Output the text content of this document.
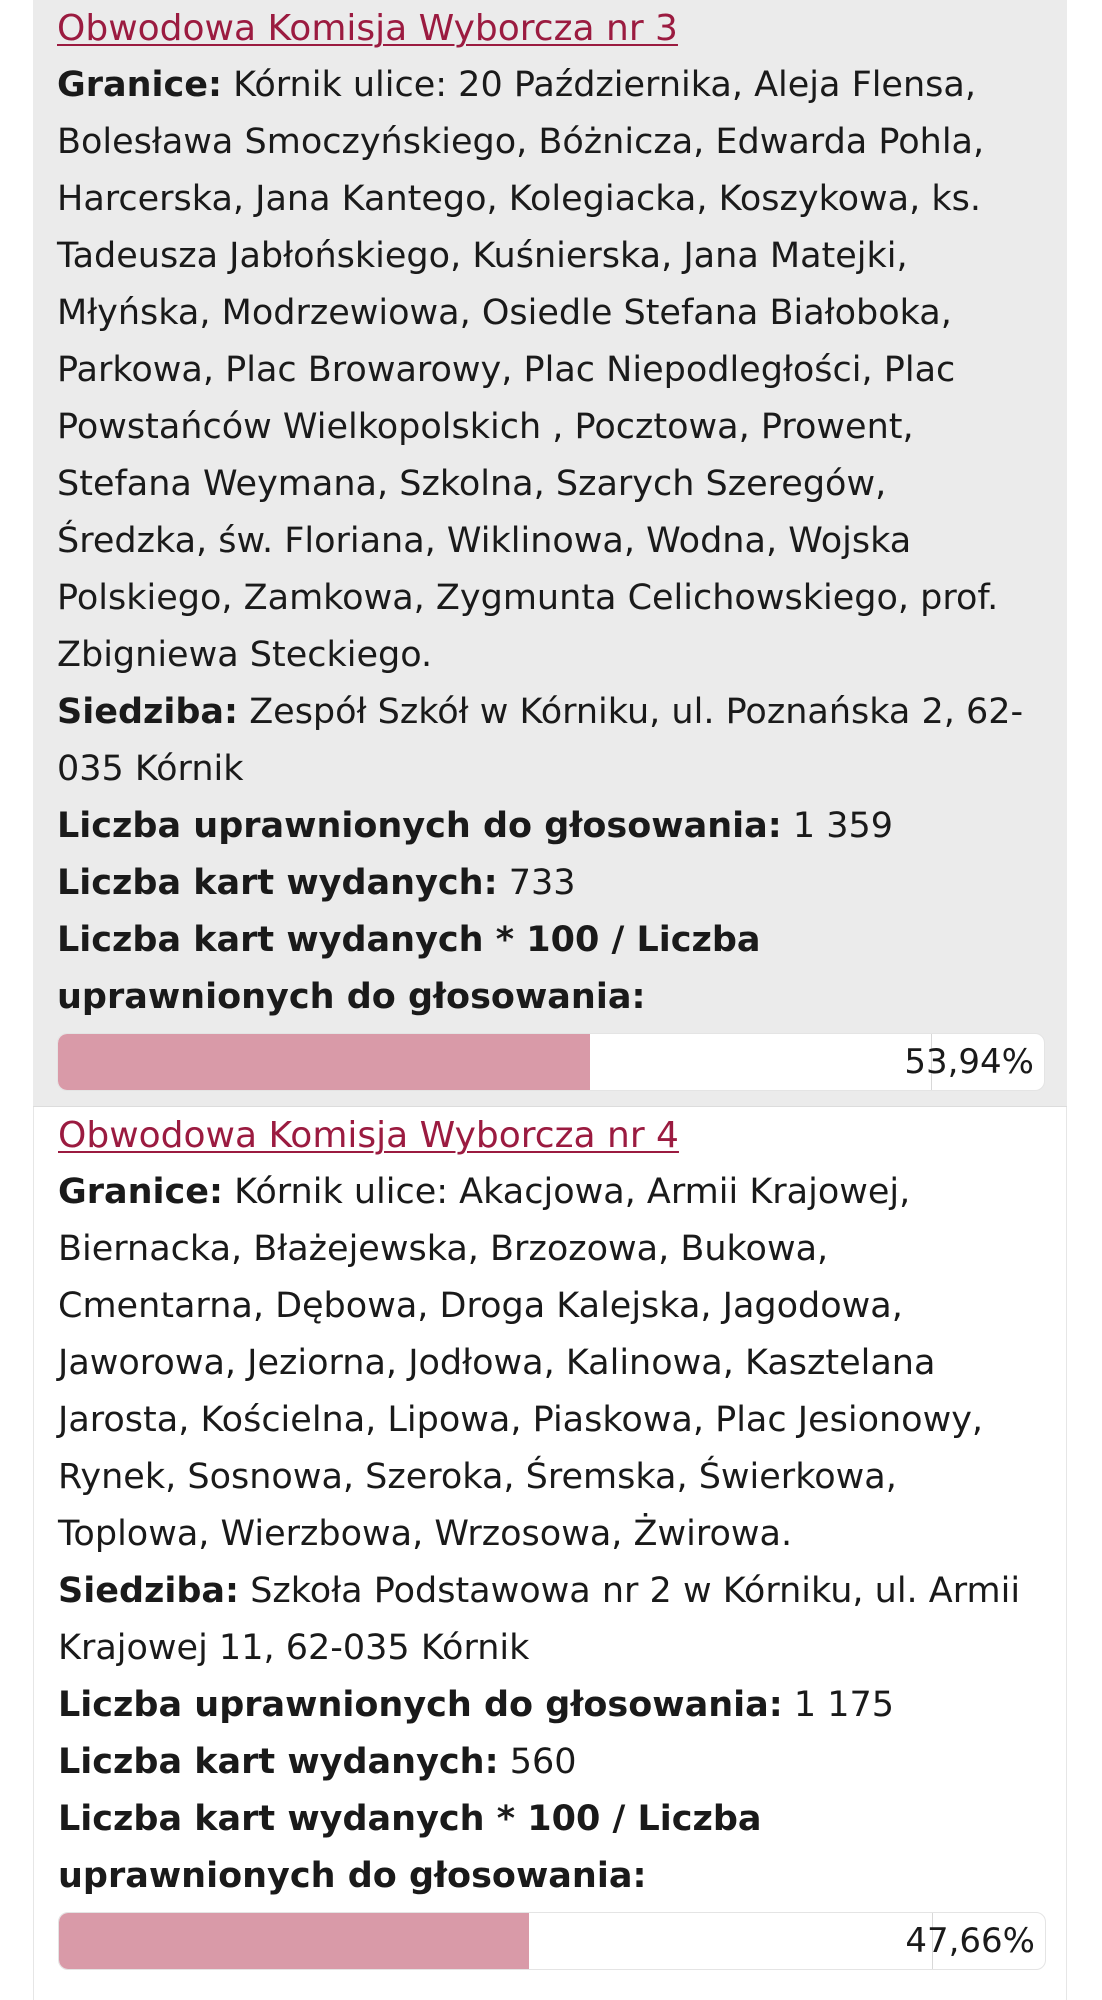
Obwodowa Komisja Wyborcza nr 3

Granice: Kórnik ulice: 20 Października, Aleja Flensa, Bolesława Smoczyńskiego, Bóżnicza, Edwarda Pohla, Harcerska, Jana Kantego, Kolegiacka, Koszykowa, ks. Tadeusza Jabłońskiego, Kuśnierska, Jana Matejki, Młyńska, Modrzewiowa, Osiedle Stefana Białoboka, Parkowa, Plac Browarowy, Plac Niepodległości, Plac Powstańców Wielkopolskich , Pocztowa, Prowent, Stefana Weymana, Szkolna, Szarych Szeregów, Średzka, św. Floriana, Wiklinowa, Wodna, Wojska Polskiego, Zamkowa, Zygmunta Celichowskiego, prof. Zbigniewa Steckiego.

Siedziba: Zespół Szkół w Kórniku, ul. Poznańska 2, 62-035 Kórnik

Liczba uprawnionych do głosowania: 1 359

Liczba kart wydanych: 733

Liczba kart wydanych * 100 / Liczba uprawnionych do głosowania:

53,94%
Obwodowa Komisja Wyborcza nr 4

Granice: Kórnik ulice: Akacjowa, Armii Krajowej, Biernacka, Błażejewska, Brzozowa, Bukowa, Cmentarna, Dębowa, Droga Kalejska, Jagodowa, Jaworowa, Jeziorna, Jodłowa, Kalinowa, Kasztelana Jarosta, Kościelna, Lipowa, Piaskowa, Plac Jesionowy, Rynek, Sosnowa, Szeroka, Śremska, Świerkowa, Toplowa, Wierzbowa, Wrzosowa, Żwirowa.

Siedziba: Szkoła Podstawowa nr 2 w Kórniku, ul. Armii Krajowej 11, 62-035 Kórnik

Liczba uprawnionych do głosowania: 1 175

Liczba kart wydanych: 560

Liczba kart wydanych * 100 / Liczba uprawnionych do głosowania:

47,66%
